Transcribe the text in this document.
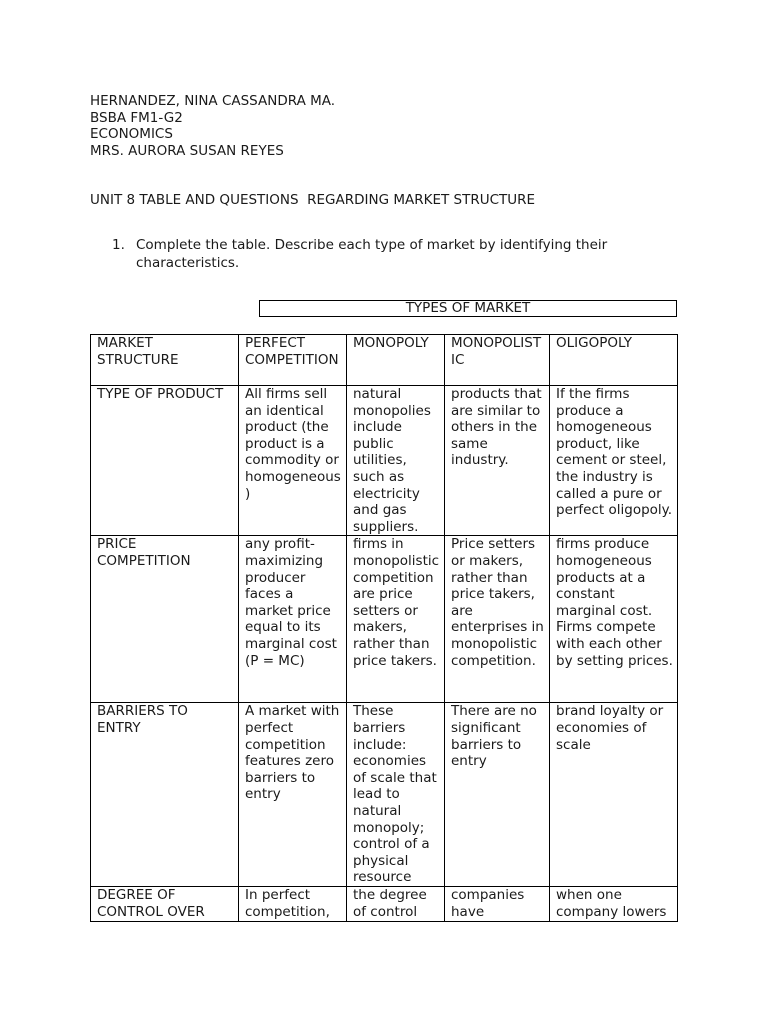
HERNANDEZ, NINA CASSANDRA MA.
BSBA FM1-G2
ECONOMICS
MRS. AURORA SUSAN REYES
UNIT 8 TABLE AND QUESTIONS  REGARDING MARKET STRUCTURE
1. Complete the table. Describe each type of market by identifying their characteristics.
TYPES OF MARKET
MARKET STRUCTURE	PERFECT COMPETITION	MONOPOLY	MONOPOLISTIC	OLIGOPOLY
TYPE OF PRODUCT	All firms sell an identical product (the product is a commodity or homogeneous)	natural monopolies include public utilities, such as electricity and gas suppliers.	products that are similar to others in the same industry.	If the firms produce a homogeneous product, like cement or steel, the industry is called a pure or perfect oligopoly.
PRICE COMPETITION	any profit-maximizing producer faces a market price equal to its marginal cost (P = MC)	firms in monopolistic competition are price setters or makers, rather than price takers.	Price setters or makers, rather than price takers, are enterprises in monopolistic competition.	firms produce homogeneous products at a constant marginal cost. Firms compete with each other by setting prices.
BARRIERS TO ENTRY	A market with perfect competition features zero barriers to entry	These barriers include: economies of scale that lead to natural monopoly; control of a physical resource	There are no significant barriers to entry	brand loyalty or economies of scale
DEGREE OF CONTROL OVER	In perfect competition,	the degree of control	companies have	when one company lowers
